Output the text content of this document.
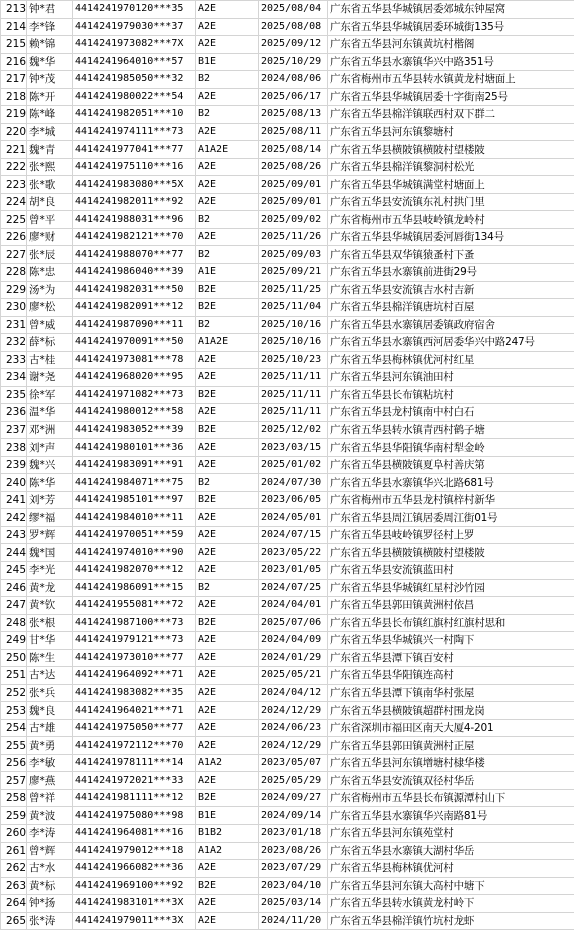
213	钟*君	4414241970120***35	A2E	2025/08/04	广东省五华县华城镇居委郊城东钟屋窝
214	李*锋	4414241979030***37	A2E	2025/08/08	广东省五华县华城镇居委环城街135号
215	赖*锦	4414241973082***7X	A2E	2025/09/12	广东省五华县河东镇黄坑村楷阁
216	魏*华	4414241964010***57	B1E	2025/10/29	广东省五华县水寨镇华兴中路351号
217	钟*茂	4414241985050***32	B2	2024/08/06	广东省梅州市五华县转水镇黄龙村塘面上
218	陈*开	4414241980022***54	A2E	2025/06/17	广东省五华县华城镇居委十字街南25号
219	陈*峰	4414241982051***10	B2	2025/08/13	广东省五华县棉洋镇联西村双下群二
220	李*城	4414241974111***73	A2E	2025/08/11	广东省五华县河东镇黎塘村
221	魏*青	4414241977041***77	A1A2E	2025/08/14	广东省五华县横陂镇横陂村望楼陂
222	张*熙	4414241975110***16	A2E	2025/08/26	广东省五华县棉洋镇黎洞村松光
223	张*歌	4414241983080***5X	A2E	2025/09/01	广东省五华县华城镇满堂村塘面上
224	胡*良	4414241982011***92	A2E	2025/09/01	广东省五华县安流镇东礼村拱门里
225	曾*平	4414241988031***96	B2	2025/09/02	广东省梅州市五华县岐岭镇龙岭村
226	廖*财	4414241982121***70	A2E	2025/11/26	广东省五华县华城镇居委河唇街134号
227	张*辰	4414241988070***77	B2	2025/09/03	广东省五华县双华镇猿蚤村下蚤
228	陈*忠	4414241986040***39	A1E	2025/09/21	广东省五华县水寨镇前进街29号
229	汤*为	4414241982031***50	B2E	2025/11/25	广东省五华县安流镇吉水村吉新
230	廖*松	4414241982091***12	B2E	2025/11/04	广东省五华县棉洋镇唐坑村百屋
231	曾*威	4414241987090***11	B2	2025/10/16	广东省五华县水寨镇居委镇政府宿舍
232	薛*标	4414241970091***50	A1A2E	2025/10/16	广东省五华县水寨镇西河居委华兴中路247号
233	古*桂	4414241973081***78	A2E	2025/10/23	广东省五华县梅林镇优河村红星
234	谢*尧	4414241968020***95	A2E	2025/11/11	广东省五华县河东镇油田村
235	徐*军	4414241971082***73	B2E	2025/11/11	广东省五华县长布镇粘坑村
236	温*华	4414241980012***58	A2E	2025/11/11	广东省五华县龙村镇南中村白石
237	邓*洲	4414241983052***39	B2E	2025/12/02	广东省五华县转水镇青西村鹤子塘
238	刘*声	4414241980101***36	A2E	2023/03/15	广东省五华县华阳镇华南村犁金岭
239	魏*兴	4414241983091***91	A2E	2025/01/02	广东省五华县横陂镇夏阜村善庆第
240	陈*华	4414241984071***75	B2	2024/07/30	广东省五华县水寨镇华兴北路681号
241	刘*芳	4414241985101***97	B2E	2023/06/05	广东省梅州市五华县龙村镇梓村新华
242	缪*福	4414241984010***11	A2E	2024/05/01	广东省五华县周江镇居委周江街01号
243	罗*辉	4414241970051***59	A2E	2024/07/15	广东省五华县岐岭镇罗径村上罗
244	魏*国	4414241974010***90	A2E	2023/05/22	广东省五华县横陂镇横陂村望楼陂
245	李*光	4414241982070***12	A2E	2023/01/05	广东省五华县安流镇蓝田村
246	黄*龙	4414241986091***15	B2	2024/07/25	广东省五华县华城镇红星村沙竹园
247	黄*钦	4414241955081***72	A2E	2024/04/01	广东省五华县郭田镇黄洲村依昌
248	张*根	4414241987100***73	B2E	2025/07/06	广东省五华县长布镇红旗村红旗村思和
249	甘*华	4414241979121***73	A2E	2024/04/09	广东省五华县华城镇兴一村陶下
250	陈*生	4414241973010***77	A2E	2024/01/29	广东省五华县潭下镇百安村
251	古*达	4414241964092***71	A2E	2025/05/21	广东省五华县华阳镇连高村
252	张*兵	4414241983082***35	A2E	2024/04/12	广东省五华县潭下镇南华村张屋
253	魏*良	4414241964021***71	A2E	2024/12/29	广东省五华县横陂镇超群村围龙岗
254	古*雄	4414241975050***77	A2E	2024/06/23	广东省深圳市福田区南天大厦4-201
255	黄*勇	4414241972112***70	A2E	2024/12/29	广东省五华县郭田镇黄洲村正屋
256	李*敏	4414241978111***14	A1A2	2023/05/07	广东省五华县河东镇增塘村棣华楼
257	廖*燕	4414241972021***33	A2E	2025/05/29	广东省五华县安流镇双径村华岳
258	曾*祥	4414241981111***12	B2E	2024/09/27	广东省梅州市五华县长布镇源潭村山下
259	黄*波	4414241975080***98	B1E	2024/09/14	广东省五华县水寨镇华兴南路81号
260	李*涛	4414241964081***16	B1B2	2023/01/18	广东省五华县河东镇苑堂村
261	曾*辉	4414241979012***18	A1A2	2023/08/26	广东省五华县水寨镇大湖村华岳
262	古*水	4414241966082***36	A2E	2023/07/29	广东省五华县梅林镇优河村
263	黄*标	4414241969100***92	B2E	2023/04/10	广东省五华县河东镇大高村中塘下
264	钟*扬	4414241983101***3X	A2E	2025/03/14	广东省五华县转水镇黄龙村岭下
265	张*涛	4414241979011***3X	A2E	2024/11/20	广东省五华县棉洋镇竹坑村龙虾
